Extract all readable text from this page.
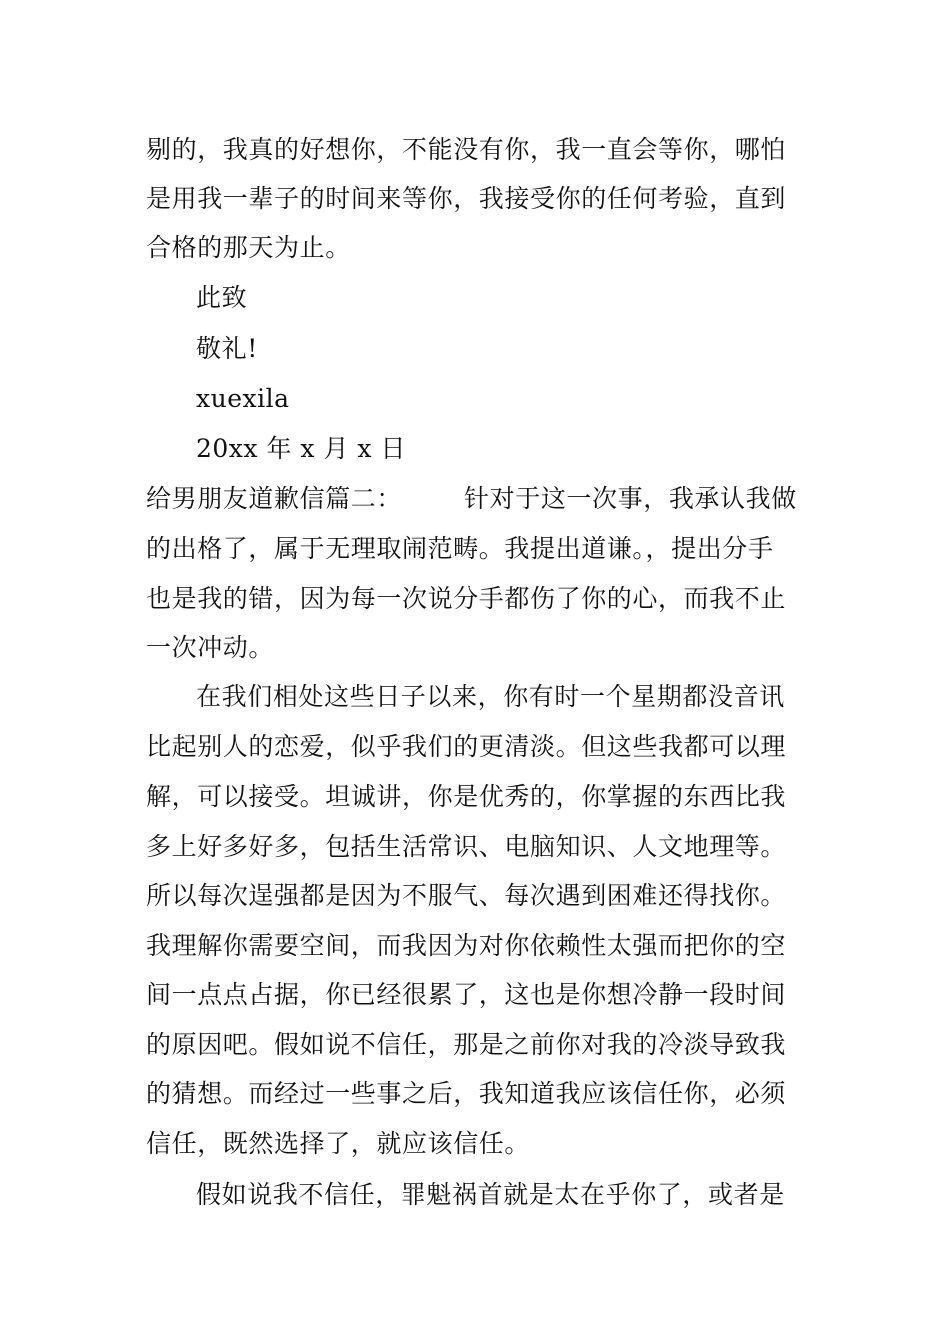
剔的，我真的好想你，不能没有你，我一直会等你，哪怕
是用我一辈子的时间来等你，我接受你的任何考验，直到
合格的那天为止。
此致
敬礼!
xuexila
20xx 年 x 月 x 日
给男朋友道歉信篇二： 针对于这一次事，我承认我做
的出格了，属于无理取闹范畴。我提出道谦。，提出分手
也是我的错，因为每一次说分手都伤了你的心，而我不止
一次冲动。
在我们相处这些日子以来，你有时一个星期都没音讯
比起别人的恋爱，似乎我们的更清淡。但这些我都可以理
解，可以接受。坦诚讲，你是优秀的，你掌握的东西比我
多上好多好多，包括生活常识、电脑知识、人文地理等。
所以每次逞强都是因为不服气、每次遇到困难还得找你。
我理解你需要空间，而我因为对你依赖性太强而把你的空
间一点点占据，你已经很累了，这也是你想冷静一段时间
的原因吧。假如说不信任，那是之前你对我的冷淡导致我
的猜想。而经过一些事之后，我知道我应该信任你，必须
信任，既然选择了，就应该信任。
假如说我不信任，罪魁祸首就是太在乎你了，或者是
